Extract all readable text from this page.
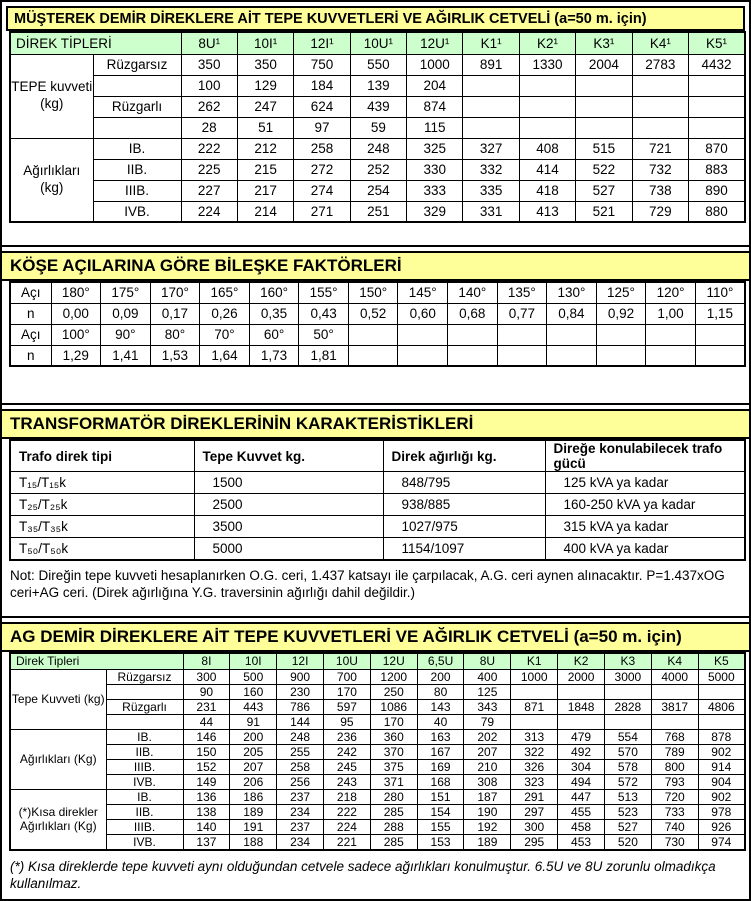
MÜŞTEREK DEMİR DİREKLERE AİT TEPE KUVVETLERİ VE AĞIRLIK CETVELİ (a=50 m. için)
DİREK TİPLERİ		8U¹	10I¹	12I¹	10U¹	12U¹	K1¹	K2¹	K3¹	K4¹	K5¹
TEPE kuvveti (kg)	Rüzgarsız	350	350	750	550	1000	891	1330	2004	2783	4432
		100	129	184	139	204					
	Rüzgarlı	262	247	624	439	874					
		28	51	97	59	115					
Ağırlıkları (kg)	IB.	222	212	258	248	325	327	408	515	721	870
	IIB.	225	215	272	252	330	332	414	522	732	883
	IIIB.	227	217	274	254	333	335	418	527	738	890
	IVB.	224	214	271	251	329	331	413	521	729	880
KÖŞE AÇILARINA GÖRE BİLEŞKE FAKTÖRLERİ
Açı	180°	175°	170°	165°	160°	155°	150°	145°	140°	135°	130°	125°	120°	110°
n	0,00	0,09	0,17	0,26	0,35	0,43	0,52	0,60	0,68	0,77	0,84	0,92	1,00	1,15
Açı	100°	90°	80°	70°	60°	50°								
n	1,29	1,41	1,53	1,64	1,73	1,81								
TRANSFORMATÖR DİREKLERİNİN KARAKTERİSTİKLERİ
Trafo direk tipi	Tepe Kuvvet kg.	Direk ağırlığı kg.	Direğe konulabilecek trafo gücü
T₁₅/T₁₅k	1500	848/795	125 kVA ya kadar
T₂₅/T₂₅k	2500	938/885	160-250 kVA ya kadar
T₃₅/T₃₅k	3500	1027/975	315 kVA ya kadar
T₅₀/T₅₀k	5000	1154/1097	400 kVA ya kadar
Not: Direğin tepe kuvveti hesaplanırken O.G. ceri, 1.437 katsayı ile çarpılacak, A.G. ceri aynen alınacaktır. P=1.437xOG ceri+AG ceri. (Direk ağırlığına Y.G. traversinin ağırlığı dahil değildir.)
AG DEMİR DİREKLERE AİT TEPE KUVVETLERİ VE AĞIRLIK CETVELİ (a=50 m. için)
Direk Tipleri		8I	10I	12I	10U	12U	6,5U	8U	K1	K2	K3	K4	K5
Tepe Kuvveti (kg)	Rüzgarsız	300	500	900	700	1200	200	400	1000	2000	3000	4000	5000
		90	160	230	170	250	80	125					
	Rüzgarlı	231	443	786	597	1086	143	343	871	1848	2828	3817	4806
		44	91	144	95	170	40	79					
Ağırlıkları (Kg)	IB.	146	200	248	236	360	163	202	313	479	554	768	878
	IIB.	150	205	255	242	370	167	207	322	492	570	789	902
	IIIB.	152	207	258	245	375	169	210	326	304	578	800	914
	IVB.	149	206	256	243	371	168	308	323	494	572	793	904
(*)Kısa direkler Ağırlıkları (Kg)	IB.	136	186	237	218	280	151	187	291	447	513	720	902
	IIB.	138	189	234	222	285	154	190	297	455	523	733	978
	IIIB.	140	191	237	224	288	155	192	300	458	527	740	926
	IVB.	137	188	234	221	285	153	189	295	453	520	730	974
(*) Kısa direklerde tepe kuvveti aynı olduğundan cetvele sadece ağırlıkları konulmuştur. 6.5U ve 8U zorunlu olmadıkça kullanılmaz.
